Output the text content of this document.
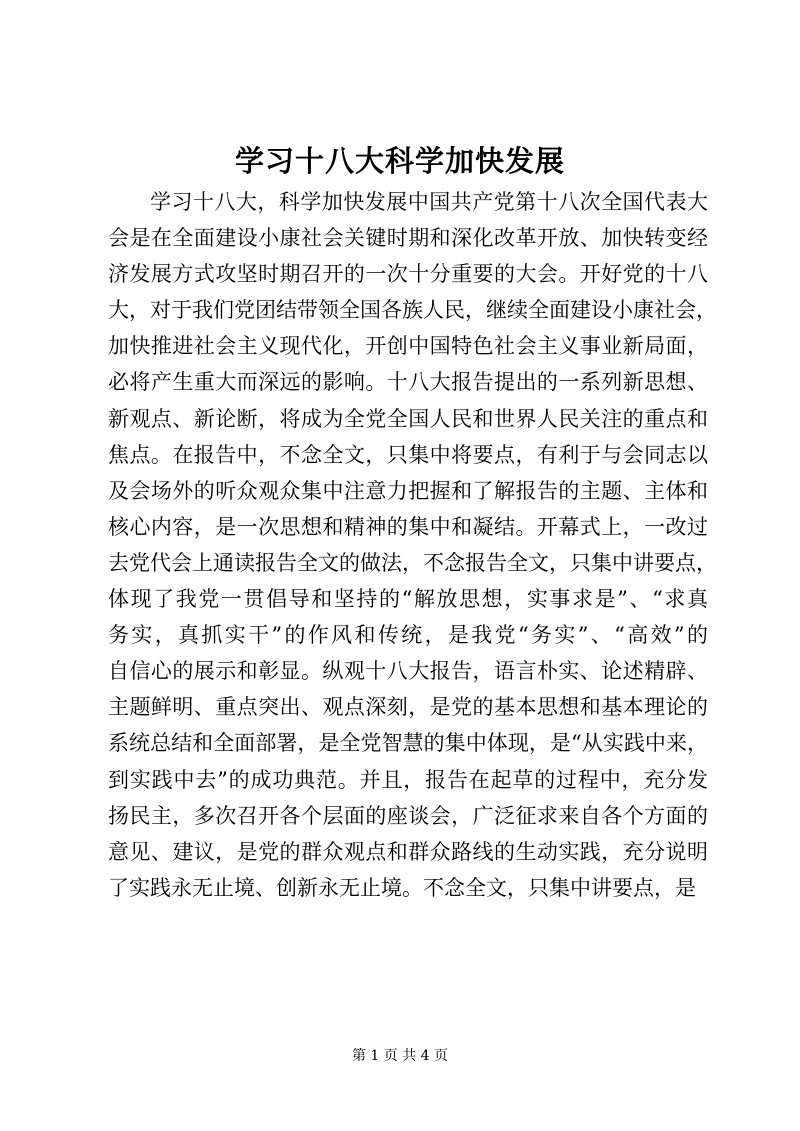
学习十八大科学加快发展
学习十八大，科学加快发展中国共产党第十八次全国代表大
会是在全面建设小康社会关键时期和深化改革开放、加快转变经
济发展方式攻坚时期召开的一次十分重要的大会。开好党的十八
大，对于我们党团结带领全国各族人民，继续全面建设小康社会，
加快推进社会主义现代化，开创中国特色社会主义事业新局面，
必将产生重大而深远的影响。十八大报告提出的一系列新思想、
新观点、新论断，将成为全党全国人民和世界人民关注的重点和
焦点。在报告中，不念全文，只集中将要点，有利于与会同志以
及会场外的听众观众集中注意力把握和了解报告的主题、主体和
核心内容，是一次思想和精神的集中和凝结。开幕式上，一改过
去党代会上通读报告全文的做法，不念报告全文，只集中讲要点，
体现了我党一贯倡导和坚持的“解放思想，实事求是”、“求真
务实，真抓实干”的作风和传统，是我党“务实”、“高效”的
自信心的展示和彰显。纵观十八大报告，语言朴实、论述精辟、
主题鲜明、重点突出、观点深刻，是党的基本思想和基本理论的
系统总结和全面部署，是全党智慧的集中体现，是“从实践中来，
到实践中去”的成功典范。并且，报告在起草的过程中，充分发
扬民主，多次召开各个层面的座谈会，广泛征求来自各个方面的
意见、建议，是党的群众观点和群众路线的生动实践，充分说明
了实践永无止境、创新永无止境。不念全文，只集中讲要点，是
第 1 页 共 4 页
